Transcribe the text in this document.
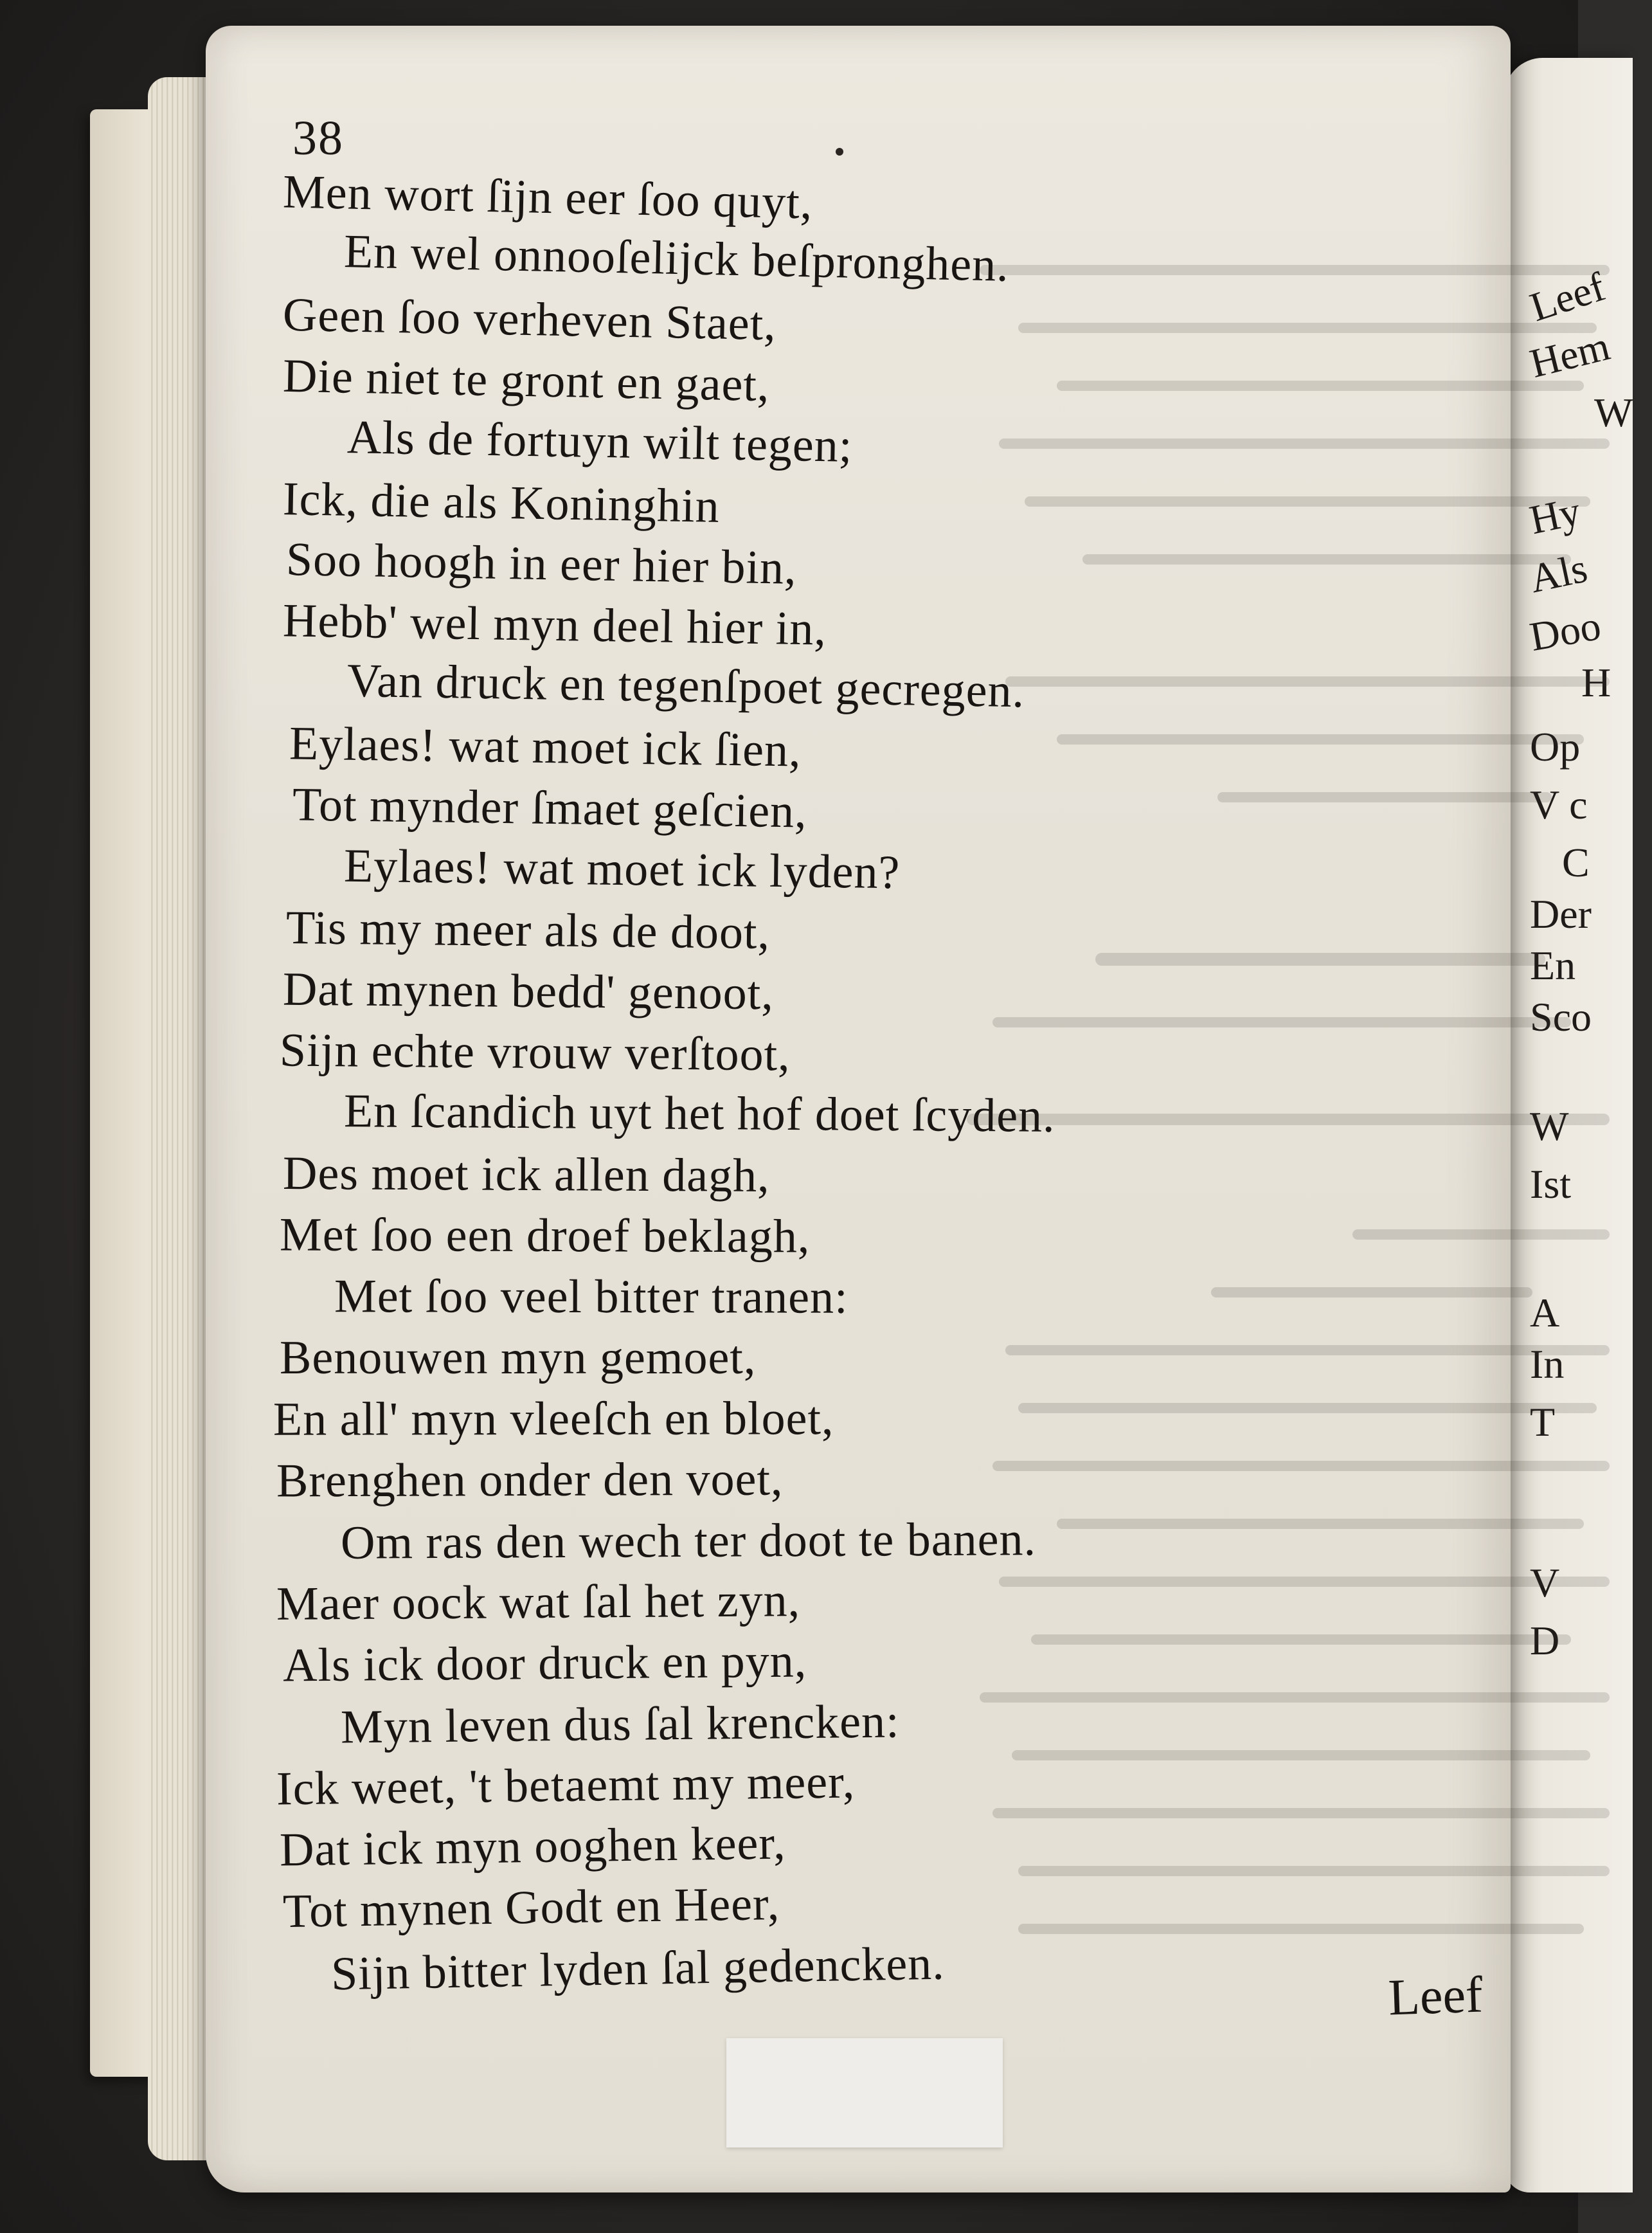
Leef
Hem
W
Hy
Als
Doo
H
Op
V c
C
Der
En
Sco
W
Ist
A
In
T
V
D

38
Men wort ſijn eer ſoo quyt,
En wel onnooſelijck beſpronghen.
Geen ſoo verheven Staet,
Die niet te gront en gaet,
Als de fortuyn wilt tegen;
Ick, die als Koninghin
Soo hoogh in eer hier bin,
Hebb' wel myn deel hier in,
Van druck en tegenſpoet gecregen.
Eylaes! wat moet ick ſien,
Tot mynder ſmaet geſcien,
Eylaes! wat moet ick lyden?
Tis my meer als de doot,
Dat mynen bedd' genoot,
Sijn echte vrouw verſtoot,
En ſcandich uyt het hof doet ſcyden.
Des moet ick allen dagh,
Met ſoo een droef beklagh,
Met ſoo veel bitter tranen:
Benouwen myn gemoet,
En all' myn vleeſch en bloet,
Brenghen onder den voet,
Om ras den wech ter doot te banen.
Maer oock wat ſal het zyn,
Als ick door druck en pyn,
Myn leven dus ſal krencken:
Ick weet, 't betaemt my meer,
Dat ick myn ooghen keer,
Tot mynen Godt en Heer,
Sijn bitter lyden ſal gedencken.	Leef
